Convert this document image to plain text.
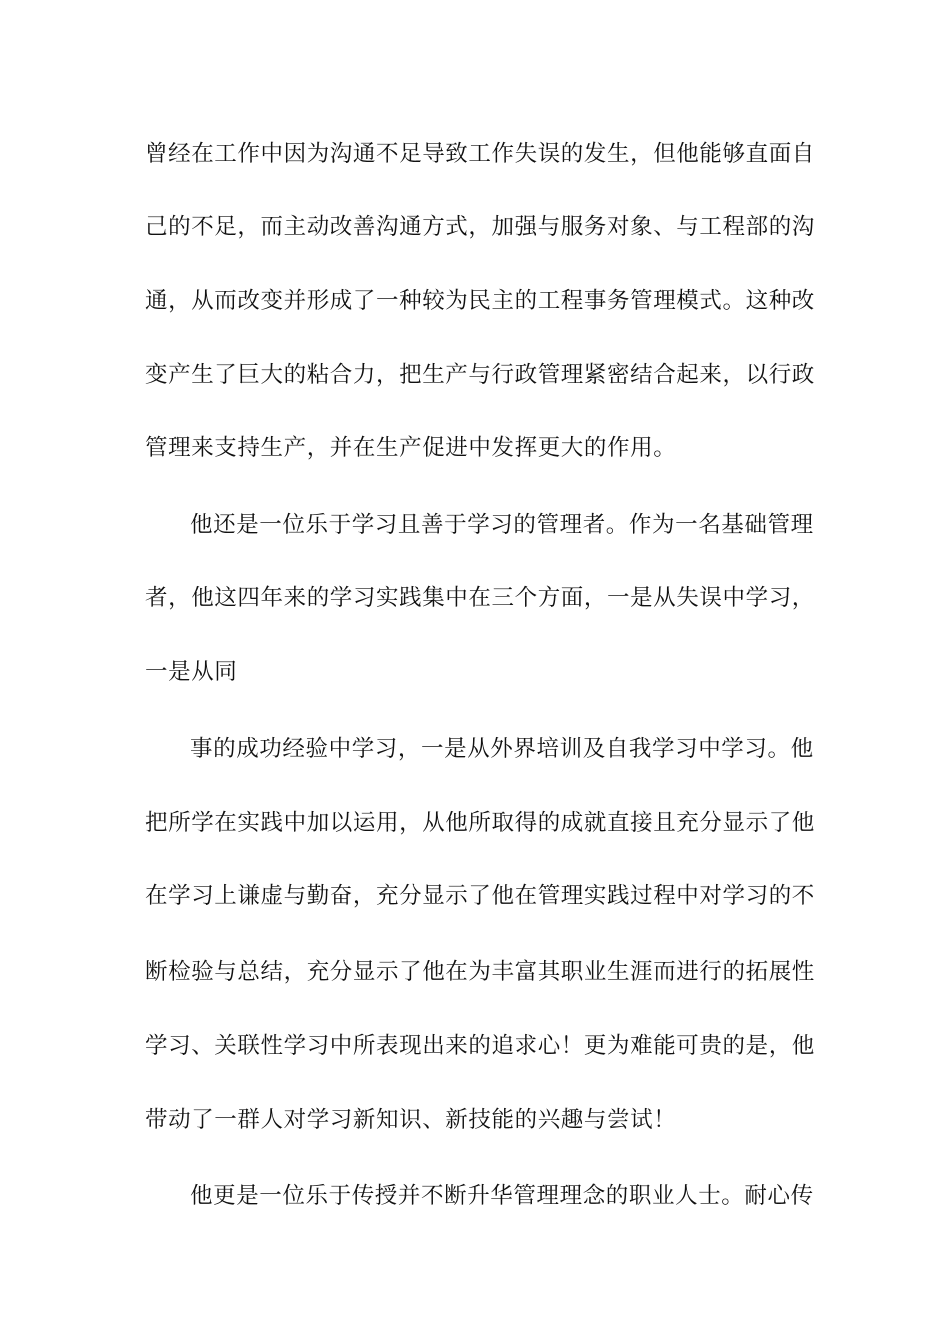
曾经在工作中因为沟通不足导致工作失误的发生，但他能够直面自
己的不足，而主动改善沟通方式，加强与服务对象、与工程部的沟
通，从而改变并形成了一种较为民主的工程事务管理模式。这种改
变产生了巨大的粘合力，把生产与行政管理紧密结合起来，以行政
管理来支持生产，并在生产促进中发挥更大的作用。
他还是一位乐于学习且善于学习的管理者。作为一名基础管理
者，他这四年来的学习实践集中在三个方面，一是从失误中学习，
一是从同
事的成功经验中学习，一是从外界培训及自我学习中学习。他
把所学在实践中加以运用，从他所取得的成就直接且充分显示了他
在学习上谦虚与勤奋，充分显示了他在管理实践过程中对学习的不
断检验与总结，充分显示了他在为丰富其职业生涯而进行的拓展性
学习、关联性学习中所表现出来的追求心！更为难能可贵的是，他
带动了一群人对学习新知识、新技能的兴趣与尝试！
他更是一位乐于传授并不断升华管理理念的职业人士。耐心传
